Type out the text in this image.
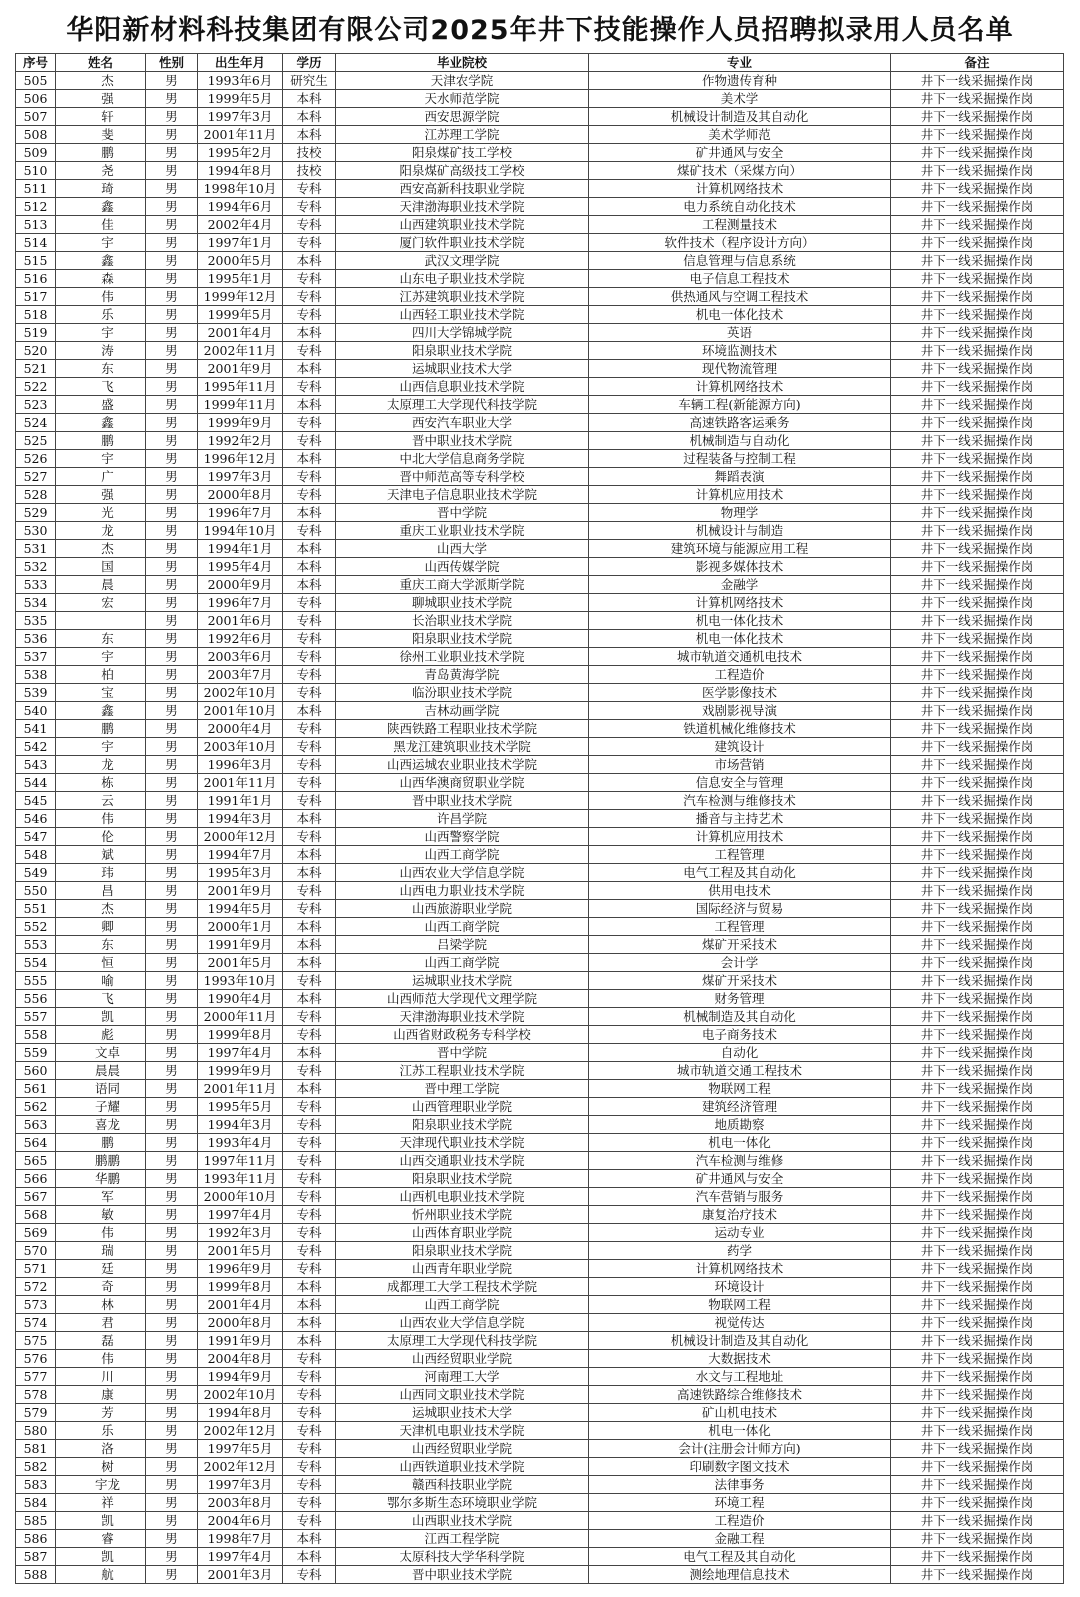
华阳新材料科技集团有限公司2025年井下技能操作人员招聘拟录用人员名单
序号	姓名	性别	出生年月	学历	毕业院校	专业	备注
505	杰	男	1993年6月	研究生	天津农学院	作物遗传育种	井下一线采掘操作岗
506	强	男	1999年5月	本科	天水师范学院	美术学	井下一线采掘操作岗
507	轩	男	1997年3月	本科	西安思源学院	机械设计制造及其自动化	井下一线采掘操作岗
508	斐	男	2001年11月	本科	江苏理工学院	美术学师范	井下一线采掘操作岗
509	鹏	男	1995年2月	技校	阳泉煤矿技工学校	矿井通风与安全	井下一线采掘操作岗
510	尧	男	1994年8月	技校	阳泉煤矿高级技工学校	煤矿技术（采煤方向）	井下一线采掘操作岗
511	琦	男	1998年10月	专科	西安高新科技职业学院	计算机网络技术	井下一线采掘操作岗
512	鑫	男	1994年6月	专科	天津渤海职业技术学院	电力系统自动化技术	井下一线采掘操作岗
513	佳	男	2002年4月	专科	山西建筑职业技术学院	工程测量技术	井下一线采掘操作岗
514	宇	男	1997年1月	专科	厦门软件职业技术学院	软件技术（程序设计方向）	井下一线采掘操作岗
515	鑫	男	2000年5月	本科	武汉文理学院	信息管理与信息系统	井下一线采掘操作岗
516	森	男	1995年1月	专科	山东电子职业技术学院	电子信息工程技术	井下一线采掘操作岗
517	伟	男	1999年12月	专科	江苏建筑职业技术学院	供热通风与空调工程技术	井下一线采掘操作岗
518	乐	男	1999年5月	专科	山西轻工职业技术学院	机电一体化技术	井下一线采掘操作岗
519	宇	男	2001年4月	本科	四川大学锦城学院	英语	井下一线采掘操作岗
520	涛	男	2002年11月	专科	阳泉职业技术学院	环境监测技术	井下一线采掘操作岗
521	东	男	2001年9月	本科	运城职业技术大学	现代物流管理	井下一线采掘操作岗
522	飞	男	1995年11月	专科	山西信息职业技术学院	计算机网络技术	井下一线采掘操作岗
523	盛	男	1999年11月	本科	太原理工大学现代科技学院	车辆工程(新能源方向)	井下一线采掘操作岗
524	鑫	男	1999年9月	专科	西安汽车职业大学	高速铁路客运乘务	井下一线采掘操作岗
525	鹏	男	1992年2月	专科	晋中职业技术学院	机械制造与自动化	井下一线采掘操作岗
526	宇	男	1996年12月	本科	中北大学信息商务学院	过程装备与控制工程	井下一线采掘操作岗
527	广	男	1997年3月	专科	晋中师范高等专科学校	舞蹈表演	井下一线采掘操作岗
528	强	男	2000年8月	专科	天津电子信息职业技术学院	计算机应用技术	井下一线采掘操作岗
529	光	男	1996年7月	本科	晋中学院	物理学	井下一线采掘操作岗
530	龙	男	1994年10月	专科	重庆工业职业技术学院	机械设计与制造	井下一线采掘操作岗
531	杰	男	1994年1月	本科	山西大学	建筑环境与能源应用工程	井下一线采掘操作岗
532	国	男	1995年4月	本科	山西传媒学院	影视多媒体技术	井下一线采掘操作岗
533	晨	男	2000年9月	本科	重庆工商大学派斯学院	金融学	井下一线采掘操作岗
534	宏	男	1996年7月	专科	聊城职业技术学院	计算机网络技术	井下一线采掘操作岗
535		男	2001年6月	专科	长治职业技术学院	机电一体化技术	井下一线采掘操作岗
536	东	男	1992年6月	专科	阳泉职业技术学院	机电一体化技术	井下一线采掘操作岗
537	宇	男	2003年6月	专科	徐州工业职业技术学院	城市轨道交通机电技术	井下一线采掘操作岗
538	柏	男	2003年7月	专科	青岛黄海学院	工程造价	井下一线采掘操作岗
539	宝	男	2002年10月	专科	临汾职业技术学院	医学影像技术	井下一线采掘操作岗
540	鑫	男	2001年10月	本科	吉林动画学院	戏剧影视导演	井下一线采掘操作岗
541	鹏	男	2000年4月	专科	陕西铁路工程职业技术学院	铁道机械化维修技术	井下一线采掘操作岗
542	宇	男	2003年10月	专科	黑龙江建筑职业技术学院	建筑设计	井下一线采掘操作岗
543	龙	男	1996年3月	专科	山西运城农业职业技术学院	市场营销	井下一线采掘操作岗
544	栋	男	2001年11月	专科	山西华澳商贸职业学院	信息安全与管理	井下一线采掘操作岗
545	云	男	1991年1月	专科	晋中职业技术学院	汽车检测与维修技术	井下一线采掘操作岗
546	伟	男	1994年3月	本科	许昌学院	播音与主持艺术	井下一线采掘操作岗
547	伦	男	2000年12月	专科	山西警察学院	计算机应用技术	井下一线采掘操作岗
548	斌	男	1994年7月	本科	山西工商学院	工程管理	井下一线采掘操作岗
549	玮	男	1995年3月	本科	山西农业大学信息学院	电气工程及其自动化	井下一线采掘操作岗
550	昌	男	2001年9月	专科	山西电力职业技术学院	供用电技术	井下一线采掘操作岗
551	杰	男	1994年5月	专科	山西旅游职业学院	国际经济与贸易	井下一线采掘操作岗
552	卿	男	2000年1月	本科	山西工商学院	工程管理	井下一线采掘操作岗
553	东	男	1991年9月	本科	吕梁学院	煤矿开采技术	井下一线采掘操作岗
554	恒	男	2001年5月	本科	山西工商学院	会计学	井下一线采掘操作岗
555	喻	男	1993年10月	专科	运城职业技术学院	煤矿开采技术	井下一线采掘操作岗
556	飞	男	1990年4月	本科	山西师范大学现代文理学院	财务管理	井下一线采掘操作岗
557	凯	男	2000年11月	专科	天津渤海职业技术学院	机械制造及其自动化	井下一线采掘操作岗
558	彪	男	1999年8月	专科	山西省财政税务专科学校	电子商务技术	井下一线采掘操作岗
559	文卓	男	1997年4月	本科	晋中学院	自动化	井下一线采掘操作岗
560	晨晨	男	1999年9月	专科	江苏工程职业技术学院	城市轨道交通工程技术	井下一线采掘操作岗
561	语同	男	2001年11月	本科	晋中理工学院	物联网工程	井下一线采掘操作岗
562	子耀	男	1995年5月	专科	山西管理职业学院	建筑经济管理	井下一线采掘操作岗
563	喜龙	男	1994年3月	专科	阳泉职业技术学院	地质勘察	井下一线采掘操作岗
564	鹏	男	1993年4月	专科	天津现代职业技术学院	机电一体化	井下一线采掘操作岗
565	鹏鹏	男	1997年11月	专科	山西交通职业技术学院	汽车检测与维修	井下一线采掘操作岗
566	华鹏	男	1993年11月	专科	阳泉职业技术学院	矿井通风与安全	井下一线采掘操作岗
567	军	男	2000年10月	专科	山西机电职业技术学院	汽车营销与服务	井下一线采掘操作岗
568	敏	男	1997年4月	专科	忻州职业技术学院	康复治疗技术	井下一线采掘操作岗
569	伟	男	1992年3月	专科	山西体育职业学院	运动专业	井下一线采掘操作岗
570	瑞	男	2001年5月	专科	阳泉职业技术学院	药学	井下一线采掘操作岗
571	廷	男	1996年9月	专科	山西青年职业学院	计算机网络技术	井下一线采掘操作岗
572	奇	男	1999年8月	本科	成都理工大学工程技术学院	环境设计	井下一线采掘操作岗
573	林	男	2001年4月	本科	山西工商学院	物联网工程	井下一线采掘操作岗
574	君	男	2000年8月	本科	山西农业大学信息学院	视觉传达	井下一线采掘操作岗
575	磊	男	1991年9月	本科	太原理工大学现代科技学院	机械设计制造及其自动化	井下一线采掘操作岗
576	伟	男	2004年8月	专科	山西经贸职业学院	大数据技术	井下一线采掘操作岗
577	川	男	1994年9月	专科	河南理工大学	水文与工程地址	井下一线采掘操作岗
578	康	男	2002年10月	专科	山西同文职业技术学院	高速铁路综合维修技术	井下一线采掘操作岗
579	芳	男	1994年8月	专科	运城职业技术大学	矿山机电技术	井下一线采掘操作岗
580	乐	男	2002年12月	专科	天津机电职业技术学院	机电一体化	井下一线采掘操作岗
581	洛	男	1997年5月	专科	山西经贸职业学院	会计(注册会计师方向)	井下一线采掘操作岗
582	树	男	2002年12月	专科	山西铁道职业技术学院	印刷数字图文技术	井下一线采掘操作岗
583	宇龙	男	1997年3月	专科	赣西科技职业学院	法律事务	井下一线采掘操作岗
584	祥	男	2003年8月	专科	鄂尔多斯生态环境职业学院	环境工程	井下一线采掘操作岗
585	凯	男	2004年6月	专科	山西职业技术学院	工程造价	井下一线采掘操作岗
586	睿	男	1998年7月	本科	江西工程学院	金融工程	井下一线采掘操作岗
587	凯	男	1997年4月	本科	太原科技大学华科学院	电气工程及其自动化	井下一线采掘操作岗
588	航	男	2001年3月	专科	晋中职业技术学院	测绘地理信息技术	井下一线采掘操作岗
